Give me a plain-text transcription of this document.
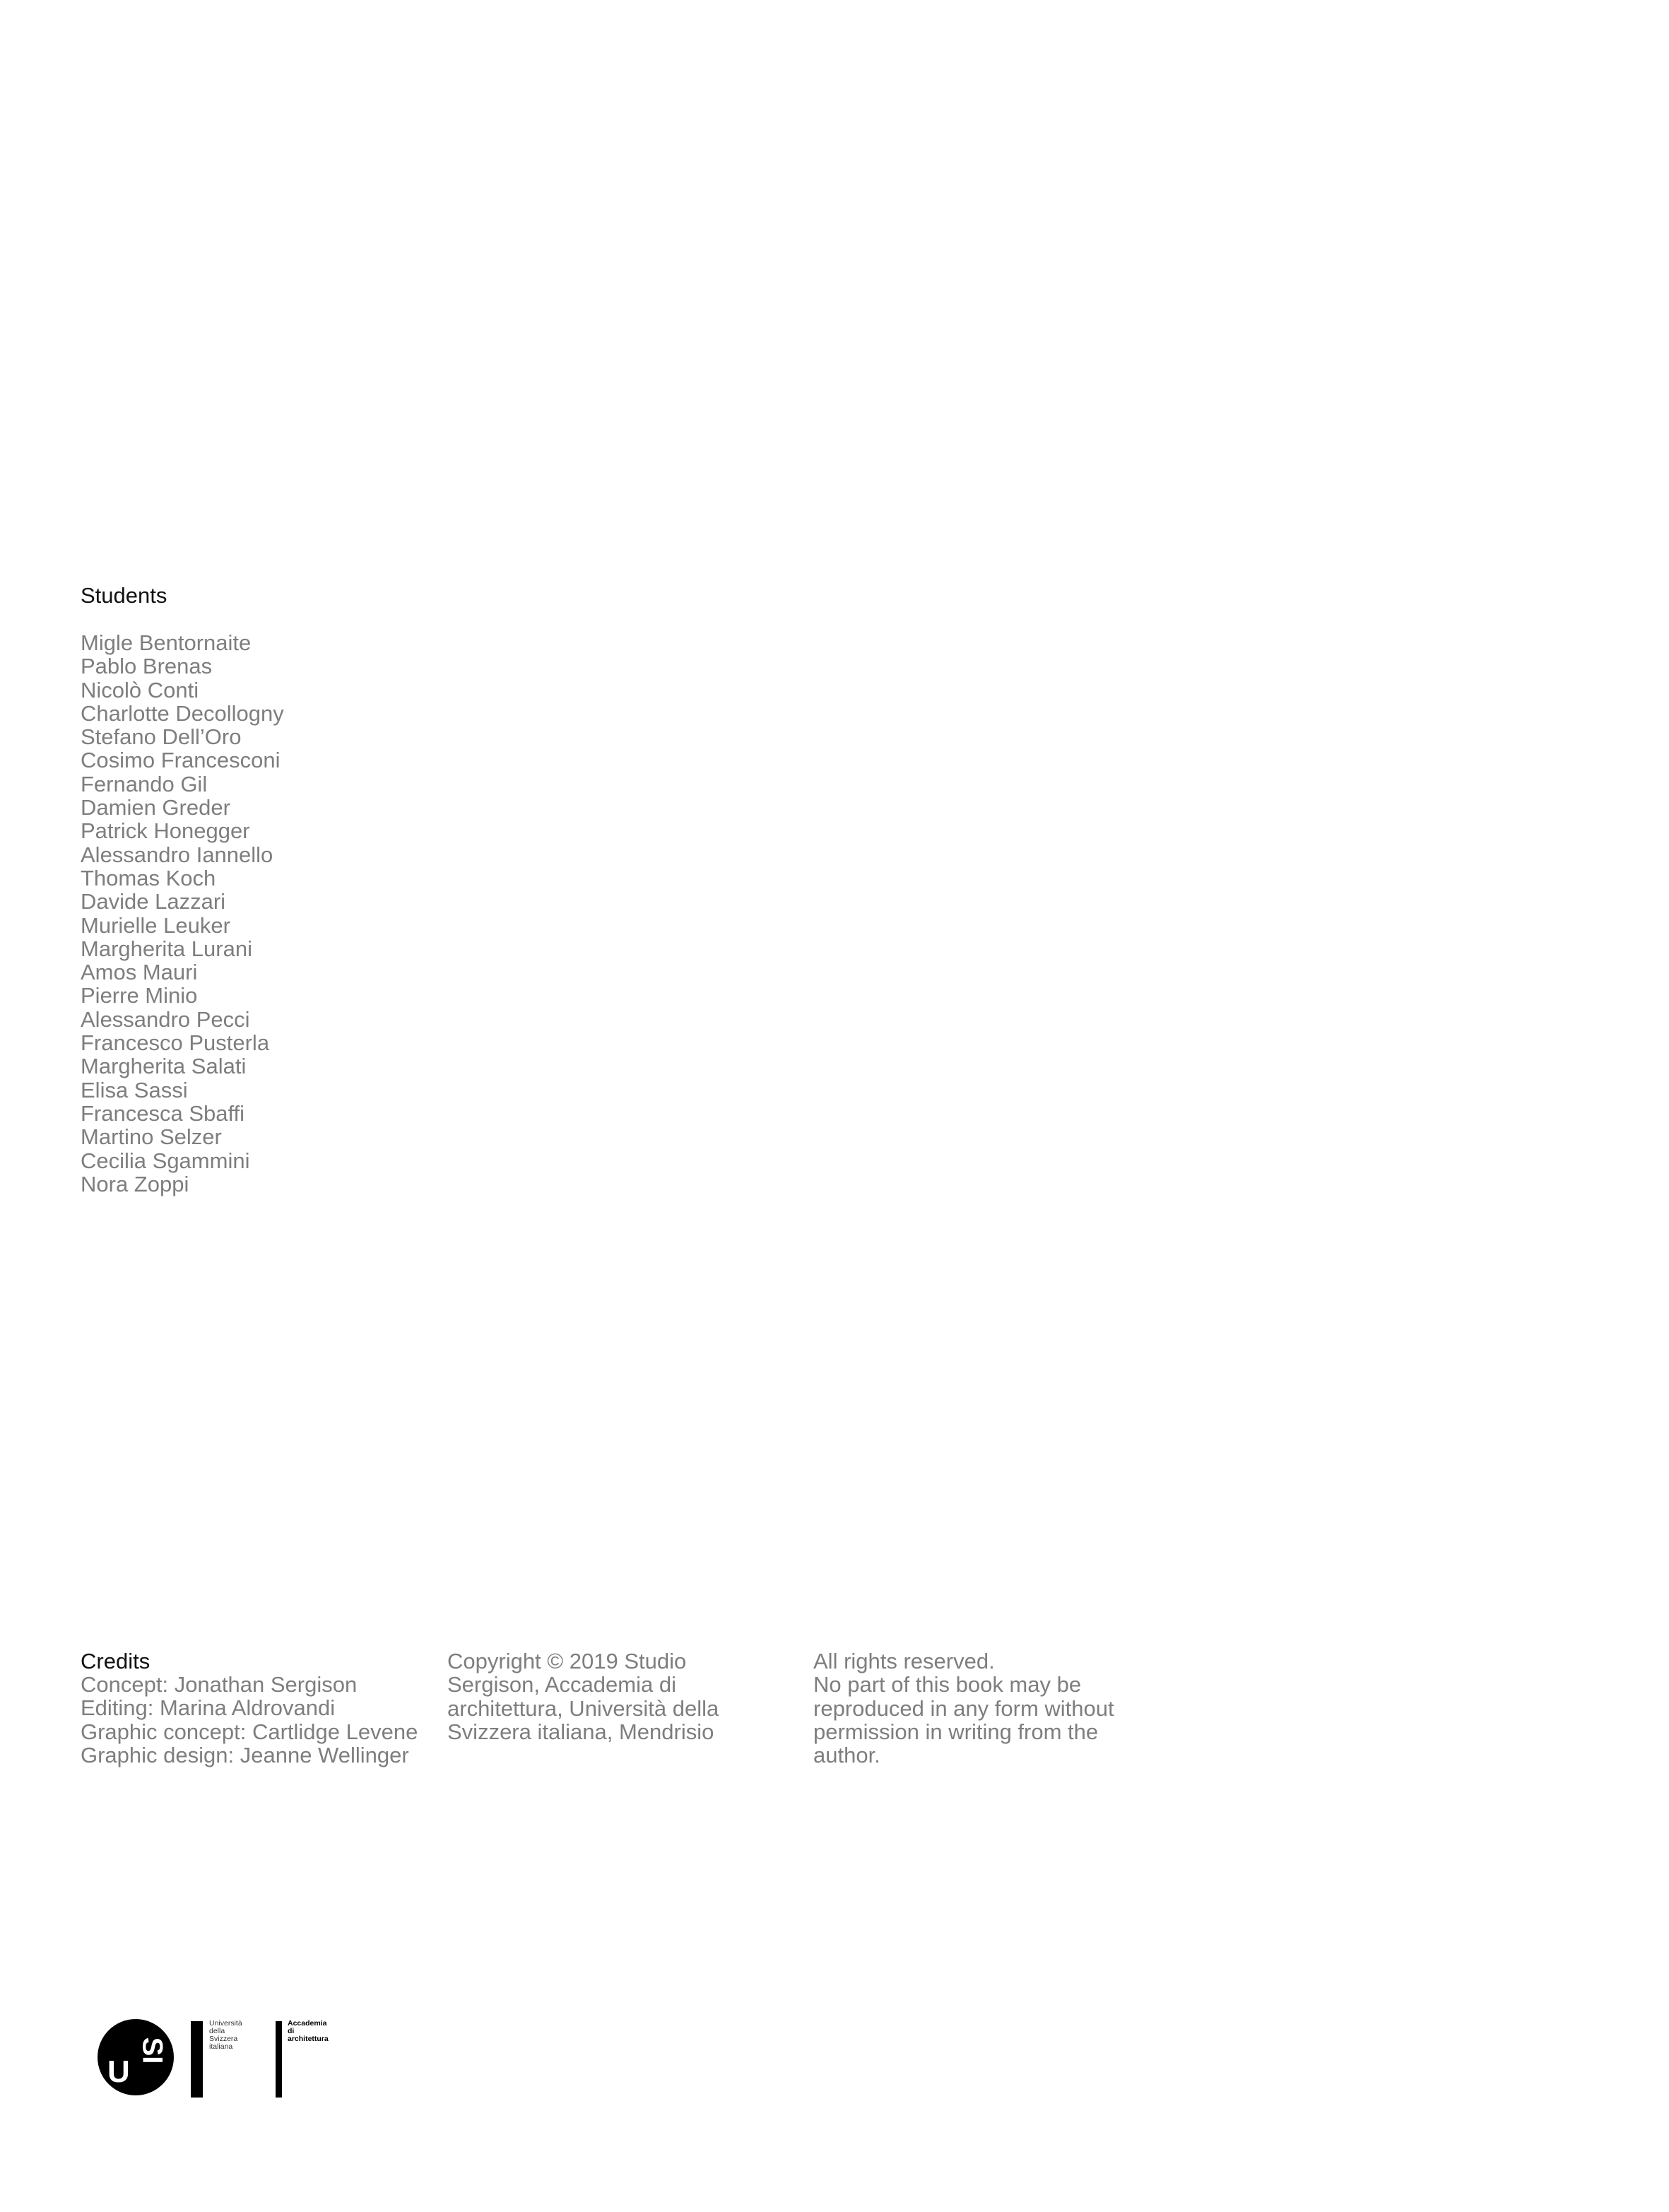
Students
Migle Bentornaite
Pablo Brenas
Nicolò Conti
Charlotte Decollogny
Stefano Dell’Oro
Cosimo Francesconi
Fernando Gil
Damien Greder
Patrick Honegger
Alessandro Iannello
Thomas Koch
Davide Lazzari
Murielle Leuker
Margherita Lurani
Amos Mauri
Pierre Minio
Alessandro Pecci
Francesco Pusterla
Margherita Salati
Elisa Sassi
Francesca Sbaffi
Martino Selzer
Cecilia Sgammini
Nora Zoppi
Credits
Concept: Jonathan Sergison
Editing: Marina Aldrovandi
Graphic concept: Cartlidge Levene
Graphic design: Jeanne Wellinger
Copyright © 2019 Studio Sergison, Accademia di architettura, Università della Svizzera italiana, Mendrisio
All rights reserved.
No part of this book may be reproduced in any form without permission in writing from the author.
U
SI
Università
della
Svizzera
italiana
Accademia
di
architettura
